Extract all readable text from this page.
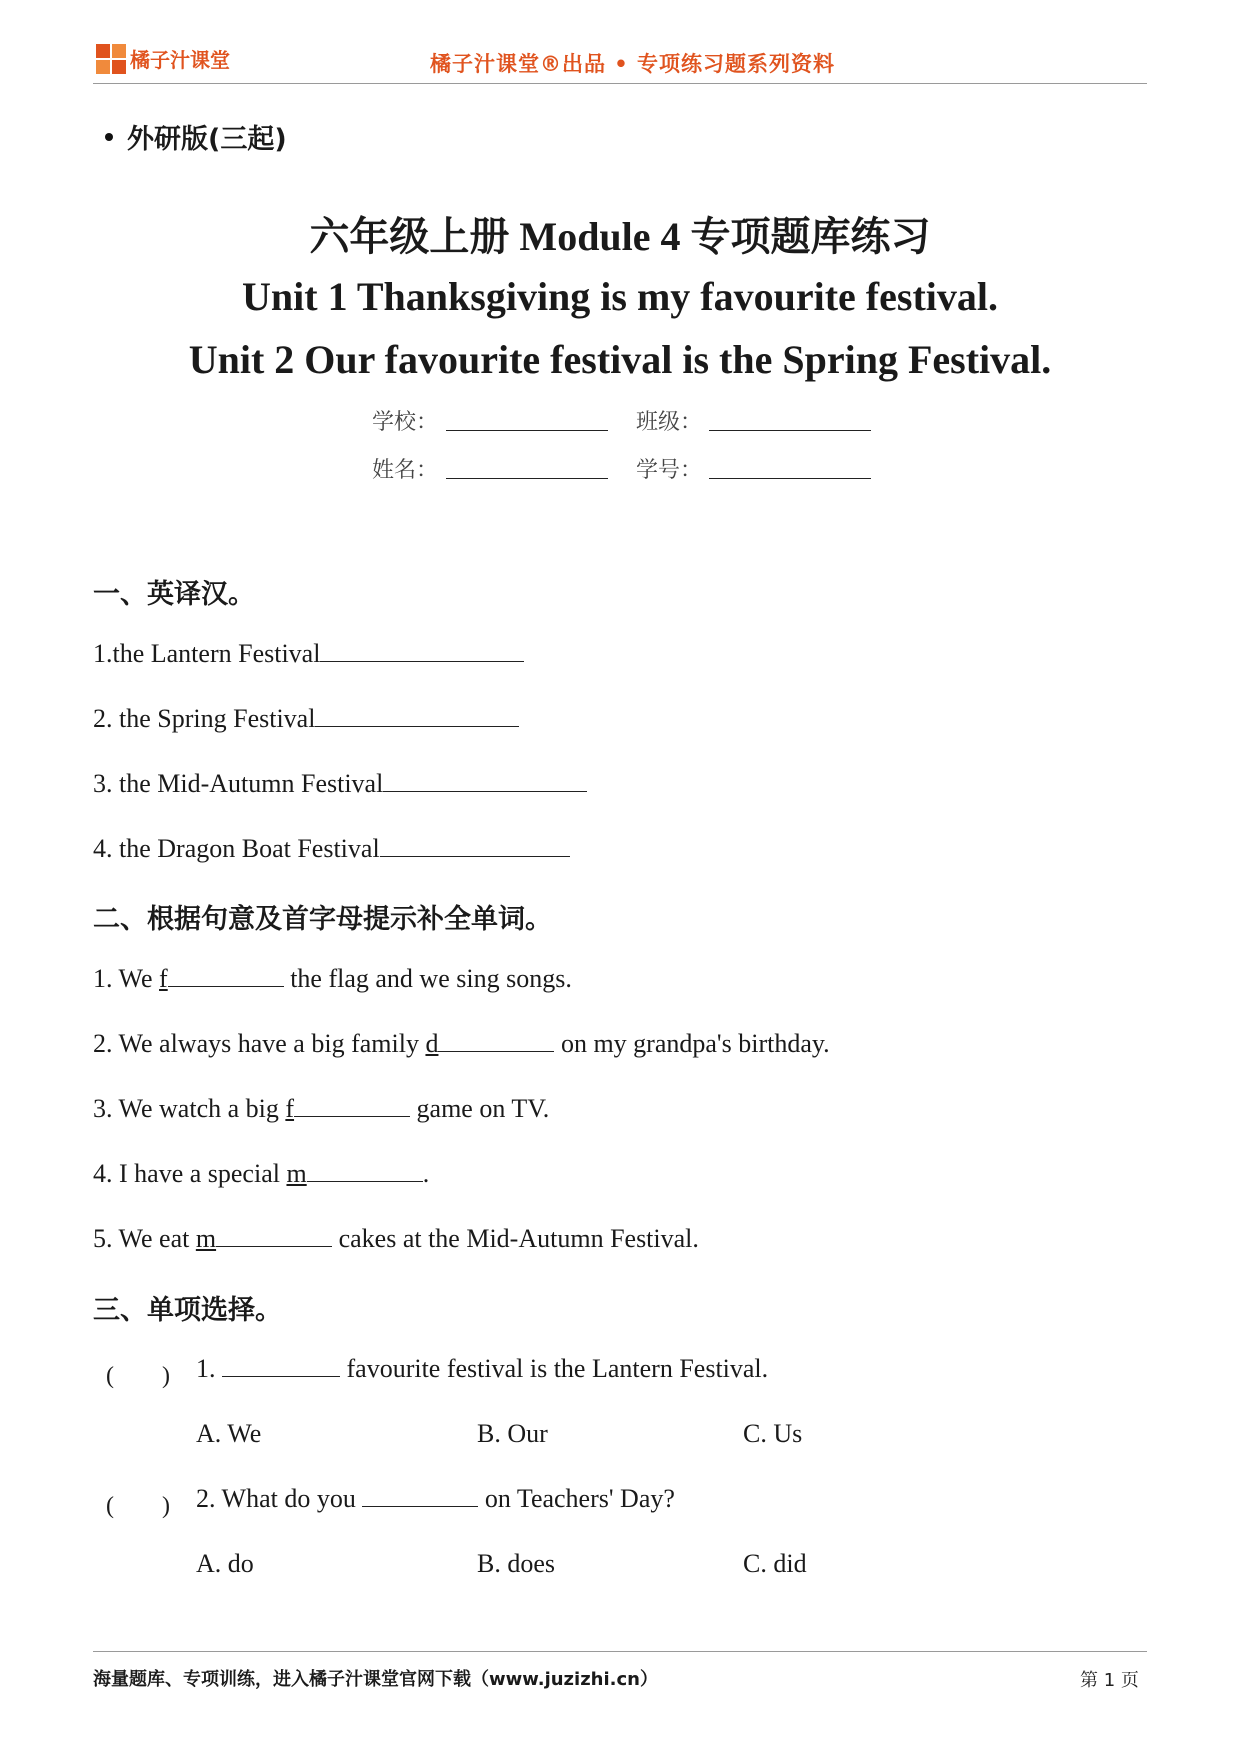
橘子汁课堂	橘子汁课堂®出品 • 专项练习题系列资料
外研版(三起)
六年级上册 Module 4 专项题库练习
Unit 1 Thanksgiving is my favourite festival.
Unit 2 Our favourite festival is the Spring Festival.
学校：	班级：
姓名：	学号：
一、英译汉。
1.the Lantern Festival
2. the Spring Festival
3. the Mid-Autumn Festival
4. the Dragon Boat Festival
二、根据句意及首字母提示补全单词。
1. We f	the flag and we sing songs.
2. We always have a big family d	on my grandpa's birthday.
3. We watch a big f	game on TV.
4. I have a special m	.
5. We eat m	cakes at the Mid-Autumn Festival.
三、单项选择。
(　　) 1.	favourite festival is the Lantern Festival.
A. We	B. Our	C. Us
(　　) 2. What do you	on Teachers' Day?
A. do	B. does	C. did
海量题库、专项训练，进入橘子汁课堂官网下载（www.juzizhi.cn）	第 1 页
